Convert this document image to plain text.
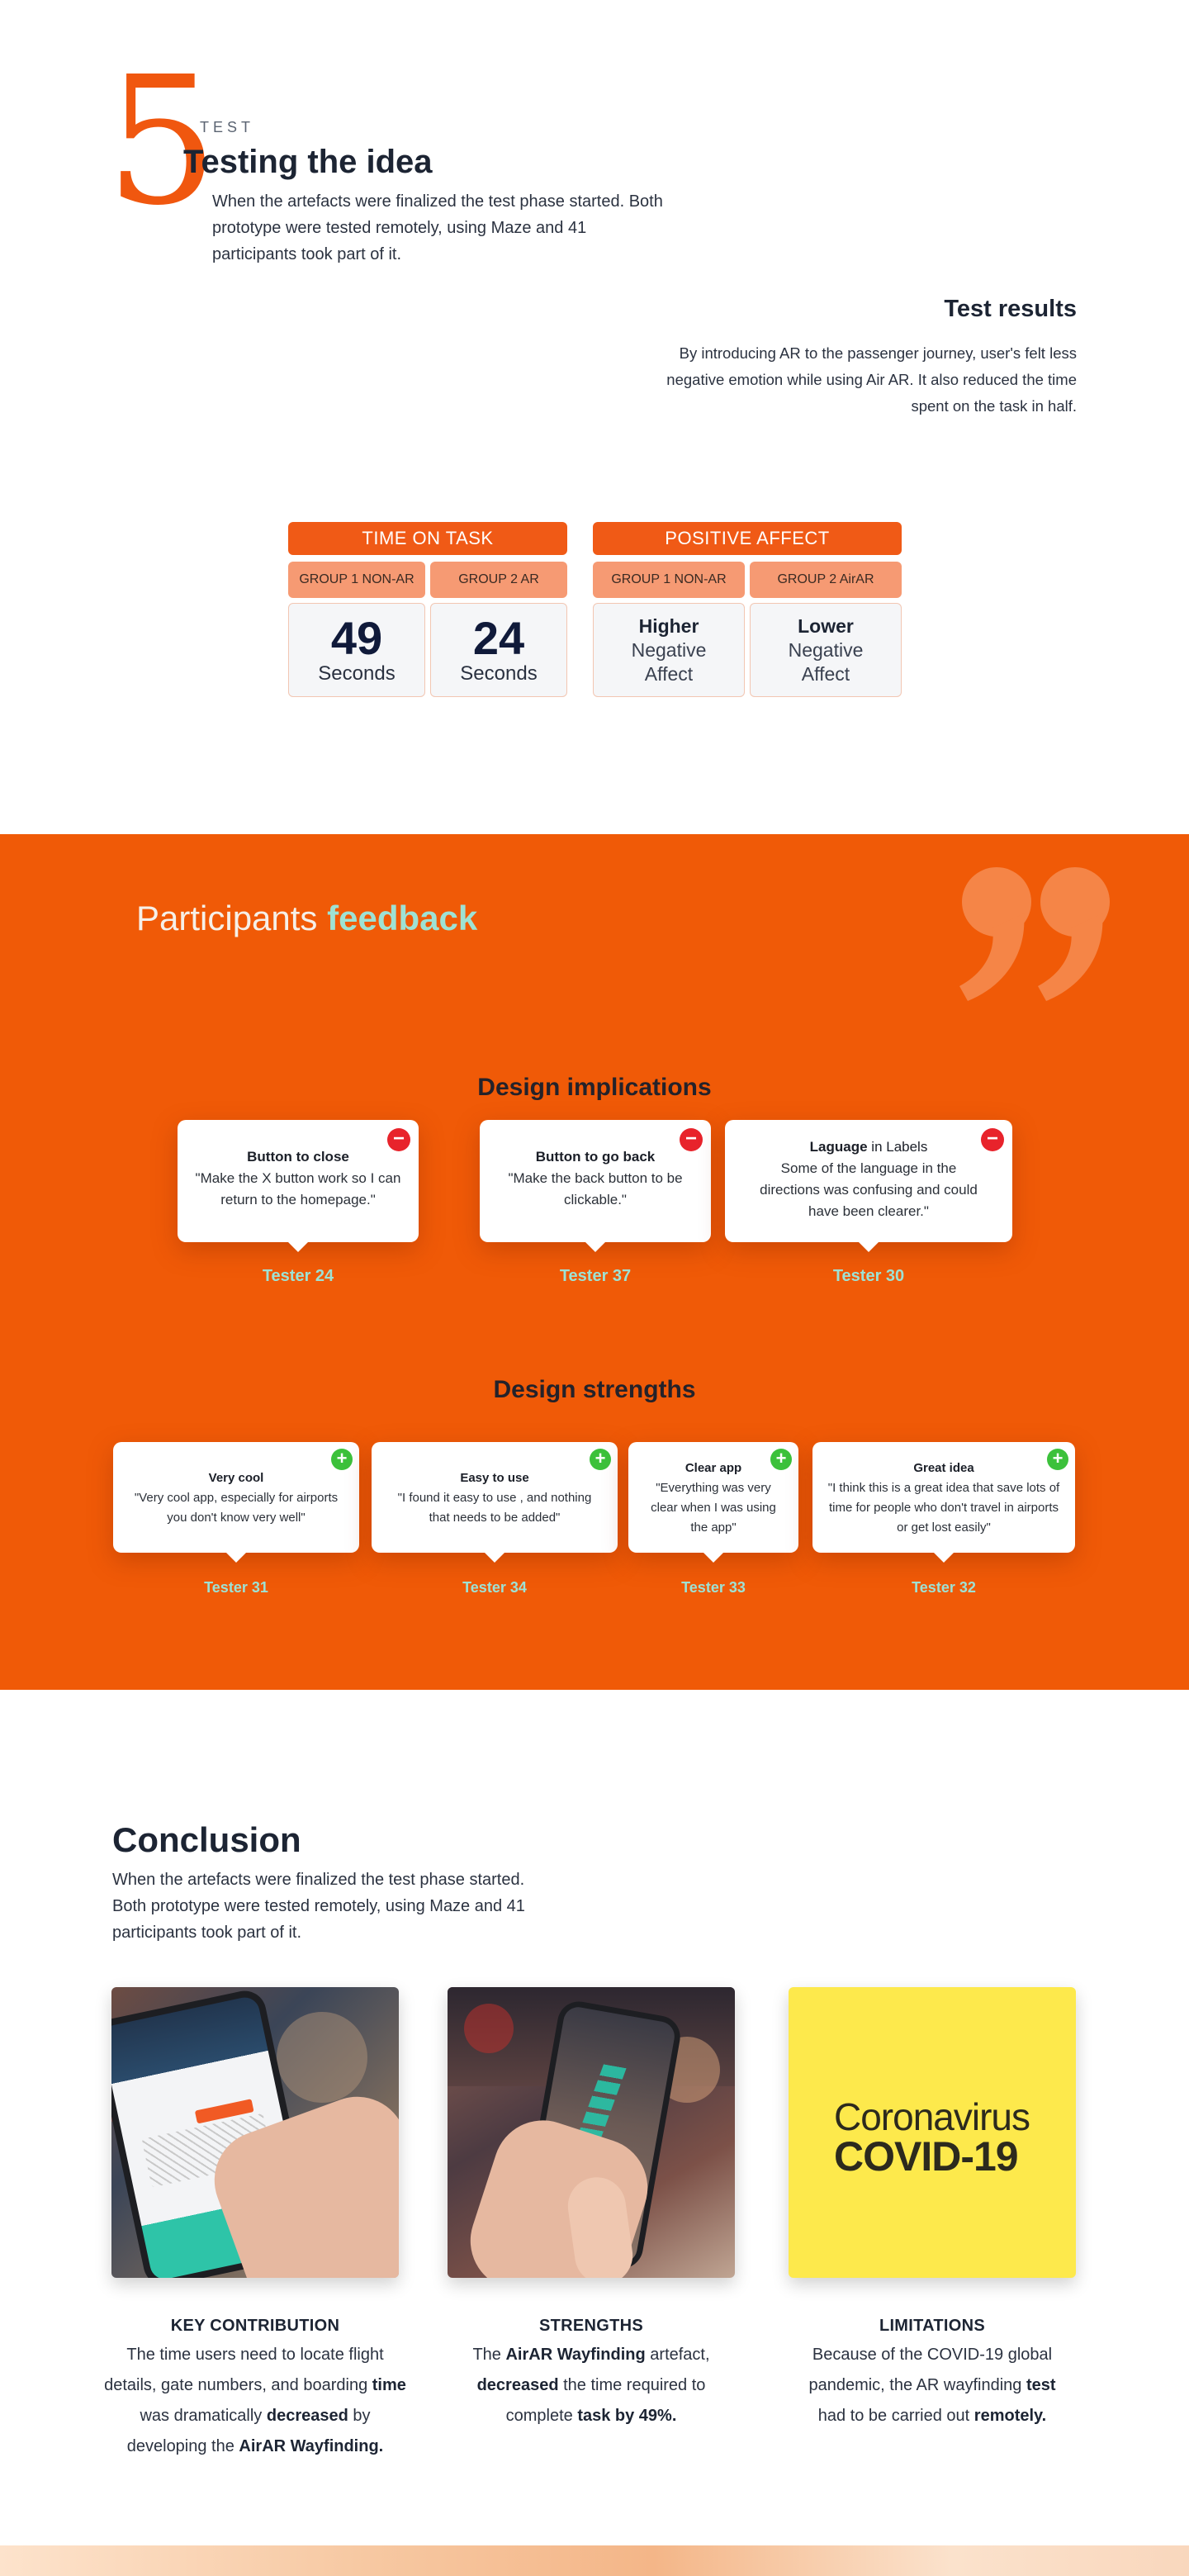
5
TEST
Testing the idea

When the artefacts were finalized the test phase started. Both prototype were tested remotely, using Maze and 41 participants took part of it.

Test results

By introducing AR to the passenger journey, user's felt less negative emotion while using Air AR. It also reduced the time spent on the task in half.

TIME ON TASK
GROUP 1 NON-AR	GROUP 2 AR
49
Seconds
24
Seconds
POSITIVE AFFECT
GROUP 1 NON-AR	GROUP 2 AirAR
Higher
Negative
Affect
Lower
Negative
Affect
Participants feedback
Design implications
−
Button to close
"Make the X button work so I can return to the homepage."
Tester 24
−
Button to go back
"Make the back button to be clickable."
Tester 37
−
Laguage in Labels
Some of the language in the directions was confusing and could have been clearer."
Tester 30
Design strengths
+
Very cool
"Very cool app, especially for airports you don't know very well"
Tester 31
+
Easy to use
"I found it easy to use , and nothing that needs to be added"
Tester 34
+
Clear app
"Everything was very clear when I was using the app"
Tester 33
+
Great idea
"I think this is a great idea that save lots of time for people who don't travel in airports or get lost easily"
Tester 32
Conclusion

When the artefacts were finalized the test phase started. Both prototype were tested remotely, using Maze and 41 participants took part of it.

Coronavirus
COVID-19
KEY CONTRIBUTION

The time users need to locate flight details, gate numbers, and boarding time was dramatically decreased by developing the AirAR Wayfinding.

STRENGTHS

The AirAR Wayfinding artefact, decreased the time required to complete task by 49%.

LIMITATIONS

Because of the COVID-19 global pandemic, the AR wayfinding test had to be carried out remotely.
